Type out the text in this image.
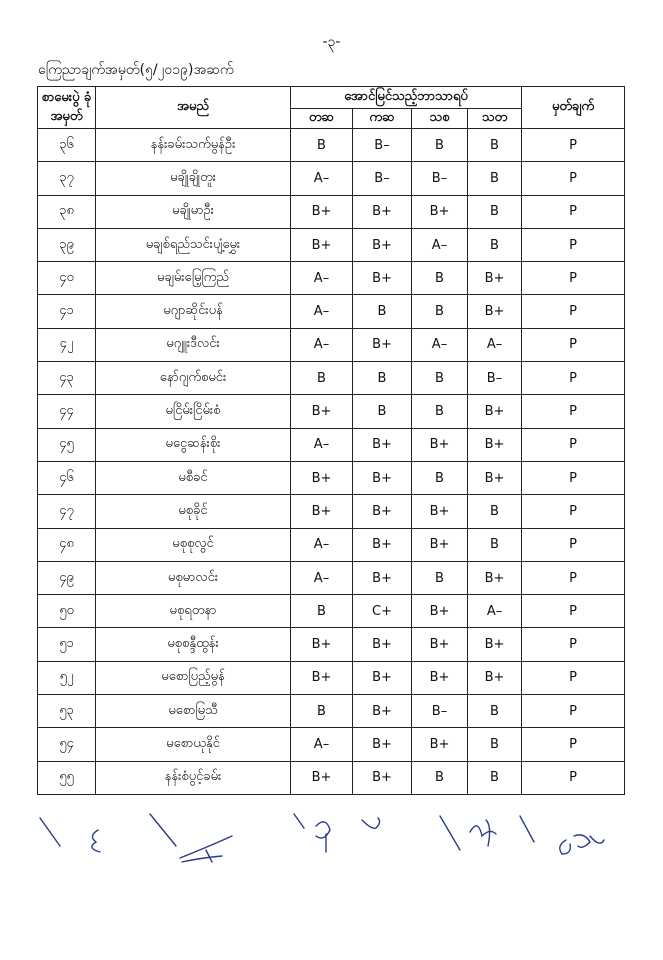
-၃-
ကြေညာချက်အမှတ်(၅/၂၀၁၉)အဆက်
စာမေးပွဲ ခုံအမှတ်	အမည်	အောင်မြင်သည့်ဘာသာရပ်				မှတ်ချက်
		တဆ	ကဆ	သစ	သတ	
၃၆	နန်းခမ်းသက်မွန်ဦး	B	B–	B	B	P
၃၇	မချိုချိုတူး	A–	B–	B–	B	P
၃၈	မချိုမာဦး	B+	B+	B+	B	P
၃၉	မချစ်ရည်သင်းပျံ့မွှေး	B+	B+	A–	B	P
၄၀	မချမ်းမြေ့ကြည်	A–	B+	B	B+	P
၄၁	မဂျာဆိုင်းပန်	A–	B	B	B+	P
၄၂	မဂျူးဒီလင်း	A–	B+	A–	A–	P
၄၃	နော်ဂျက်စမင်း	B	B	B	B–	P
၄၄	မငြိမ်းငြိမ်းစံ	B+	B	B	B+	P
၄၅	မငွေဆန်းစိုး	A–	B+	B+	B+	P
၄၆	မစီခင်	B+	B+	B	B+	P
၄၇	မစုခိုင်	B+	B+	B+	B	P
၄၈	မစုစုလွင်	A–	B+	B+	B	P
၄၉	မစုမာလင်း	A–	B+	B	B+	P
၅၀	မစုရတနာ	B	C+	B+	A–	P
၅၁	မစုစန္ဒီထွန်း	B+	B+	B+	B+	P
၅၂	မစောပြည့်မွန်	B+	B+	B+	B+	P
၅၃	မစောမြသီ	B	B+	B–	B	P
၅၄	မစောယုနိုင်	A–	B+	B+	B	P
၅၅	နန်းစံပွင့်ခမ်း	B+	B+	B	B	P
